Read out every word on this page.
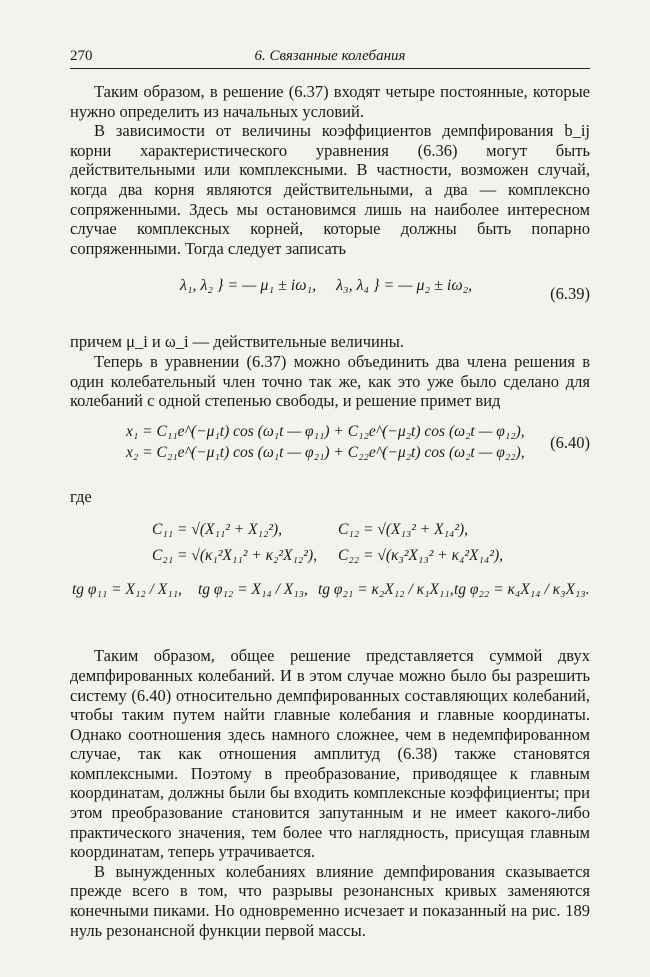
270	6. Связанные колебания

Таким образом, в решение (6.37) входят четыре постоянные, которые нужно определить из начальных условий.

В зависимости от величины коэффициентов демпфирования b_ij корни характеристического уравнения (6.36) могут быть действительными или комплексными. В частности, возможен случай, когда два корня являются действительными, а два — комплексно сопряженными. Здесь мы остановимся лишь на наиболее интересном случае комплексных корней, которые должны быть попарно сопряженными. Тогда следует записать

λ₁, λ₂ } = — μ₁ ± iω₁, λ₃, λ₄ } = — μ₂ ± iω₂,	(6.39)

причем μ_i и ω_i — действительные величины.

Теперь в уравнении (6.37) можно объединить два члена решения в один колебательный член точно так же, как это уже было сделано для колебаний с одной степенью свободы, и решение примет вид

x₁ = C₁₁e^(−μ₁t) cos (ω₁t — φ₁₁) + C₁₂e^(−μ₂t) cos (ω₂t — φ₁₂),
x₂ = C₂₁e^(−μ₁t) cos (ω₁t — φ₂₁) + C₂₂e^(−μ₂t) cos (ω₂t — φ₂₂),
(6.40)

где

C₁₁ = √(X₁₁² + X₁₂²),	C₁₂ = √(X₁₃² + X₁₄²),
C₂₁ = √(κ₁²X₁₁² + κ₂²X₁₂²), C₂₂ = √(κ₃²X₁₃² + κ₄²X₁₄²),
tg φ₁₁ = X₁₂ / X₁₁, tg φ₁₂ = X₁₄ / X₁₃, tg φ₂₁ = κ₂X₁₂ / κ₁X₁₁, tg φ₂₂ = κ₄X₁₄ / κ₃X₁₃.

Таким образом, общее решение представляется суммой двух демпфированных колебаний. И в этом случае можно было бы разрешить систему (6.40) относительно демпфированных составляющих колебаний, чтобы таким путем найти главные колебания и главные координаты. Однако соотношения здесь намного сложнее, чем в недемпфированном случае, так как отношения амплитуд (6.38) также становятся комплексными. Поэтому в преобразование, приводящее к главным координатам, должны были бы входить комплексные коэффициенты; при этом преобразование становится запутанным и не имеет какого-либо практического значения, тем более что наглядность, присущая главным координатам, теперь утрачивается.

В вынужденных колебаниях влияние демпфирования сказывается прежде всего в том, что разрывы резонансных кривых заменяются конечными пиками. Но одновременно исчезает и показанный на рис. 189 нуль резонансной функции первой массы.
